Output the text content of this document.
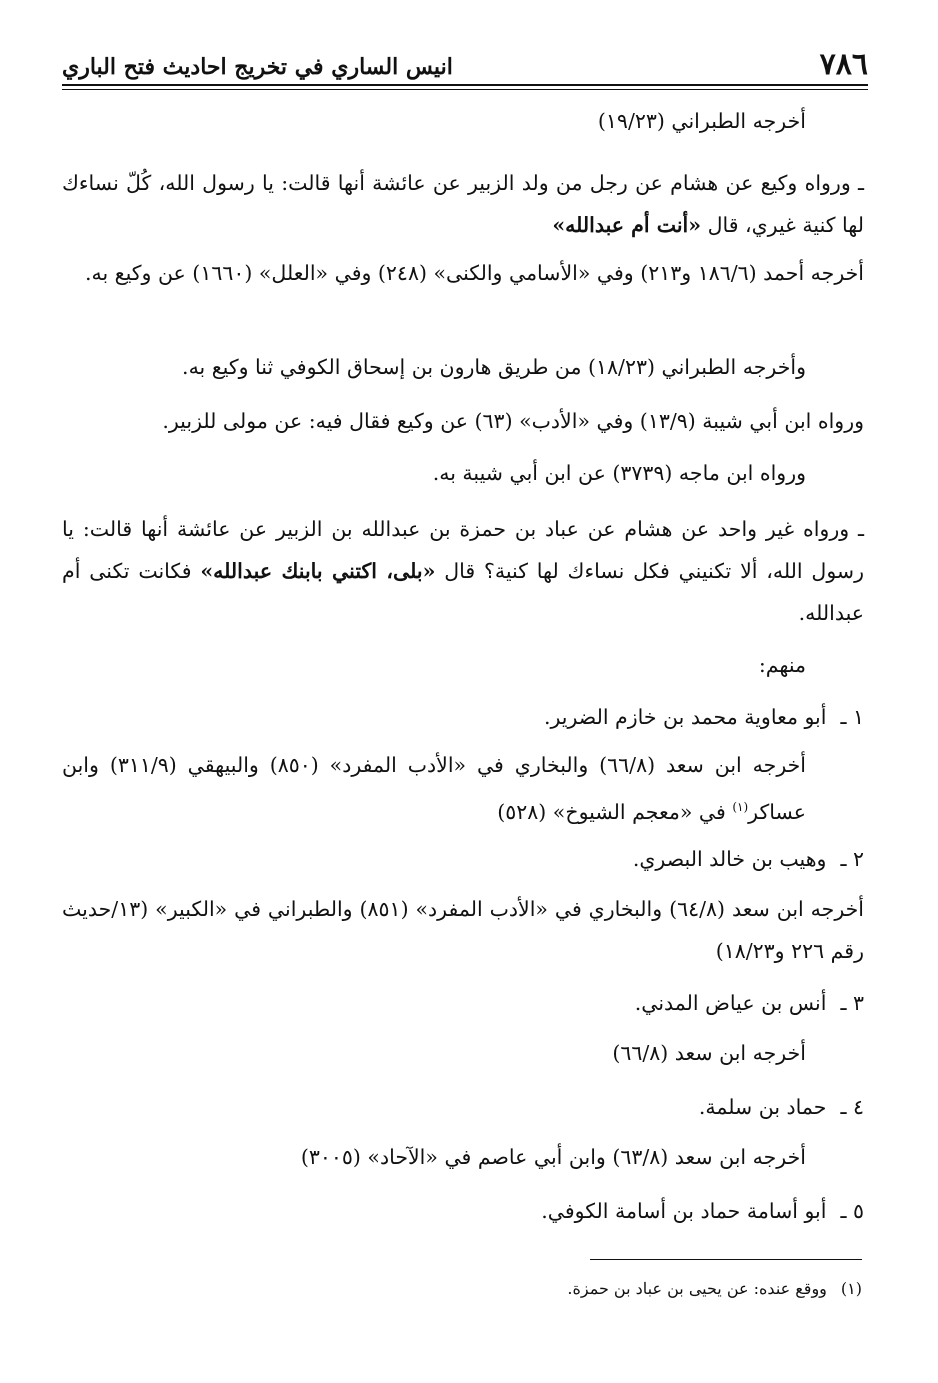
٧٨٦
انيس الساري في تخريج احاديث فتح الباري
أخرجه الطبراني (١٩/٢٣)
ـ ورواه وكيع عن هشام عن رجل من ولد الزبير عن عائشة أنها قالت: يا رسول الله، كُلّ نساءك لها كنية غيري، قال «أنت أم عبدالله»
أخرجه أحمد (١٨٦/٦ و٢١٣) وفي «الأسامي والكنى» (٢٤٨) وفي «العلل» (١٦٦٠) عن وكيع به.
وأخرجه الطبراني (١٨/٢٣) من طريق هارون بن إسحاق الكوفي ثنا وكيع به.
ورواه ابن أبي شيبة (١٣/٩) وفي «الأدب» (٦٣) عن وكيع فقال فيه: عن مولى للزبير.
ورواه ابن ماجه (٣٧٣٩) عن ابن أبي شيبة به.
ـ ورواه غير واحد عن هشام عن عباد بن حمزة بن عبدالله بن الزبير عن عائشة أنها قالت: يا رسول الله، ألا تكنيني فكل نساءك لها كنية؟ قال «بلى، اكتني بابنك عبدالله» فكانت تكنى أم عبدالله.
منهم:
١ ـأبو معاوية محمد بن خازم الضرير.
أخرجه ابن سعد (٦٦/٨) والبخاري في «الأدب المفرد» (٨٥٠) والبيهقي (٣١١/٩) وابن عساكر$^{(١)}$ في «معجم الشيوخ» (٥٢٨)
٢ ـوهيب بن خالد البصري.
أخرجه ابن سعد (٦٤/٨) والبخاري في «الأدب المفرد» (٨٥١) والطبراني في «الكبير» (١٣/حديث رقم ٢٢٦ و١٨/٢٣)
٣ ـأنس بن عياض المدني.
أخرجه ابن سعد (٦٦/٨)
٤ ـحماد بن سلمة.
أخرجه ابن سعد (٦٣/٨) وابن أبي عاصم في «الآحاد» (٣٠٠٥)
٥ ـأبو أسامة حماد بن أسامة الكوفي.
(١)ووقع عنده: عن يحيى بن عباد بن حمزة.
